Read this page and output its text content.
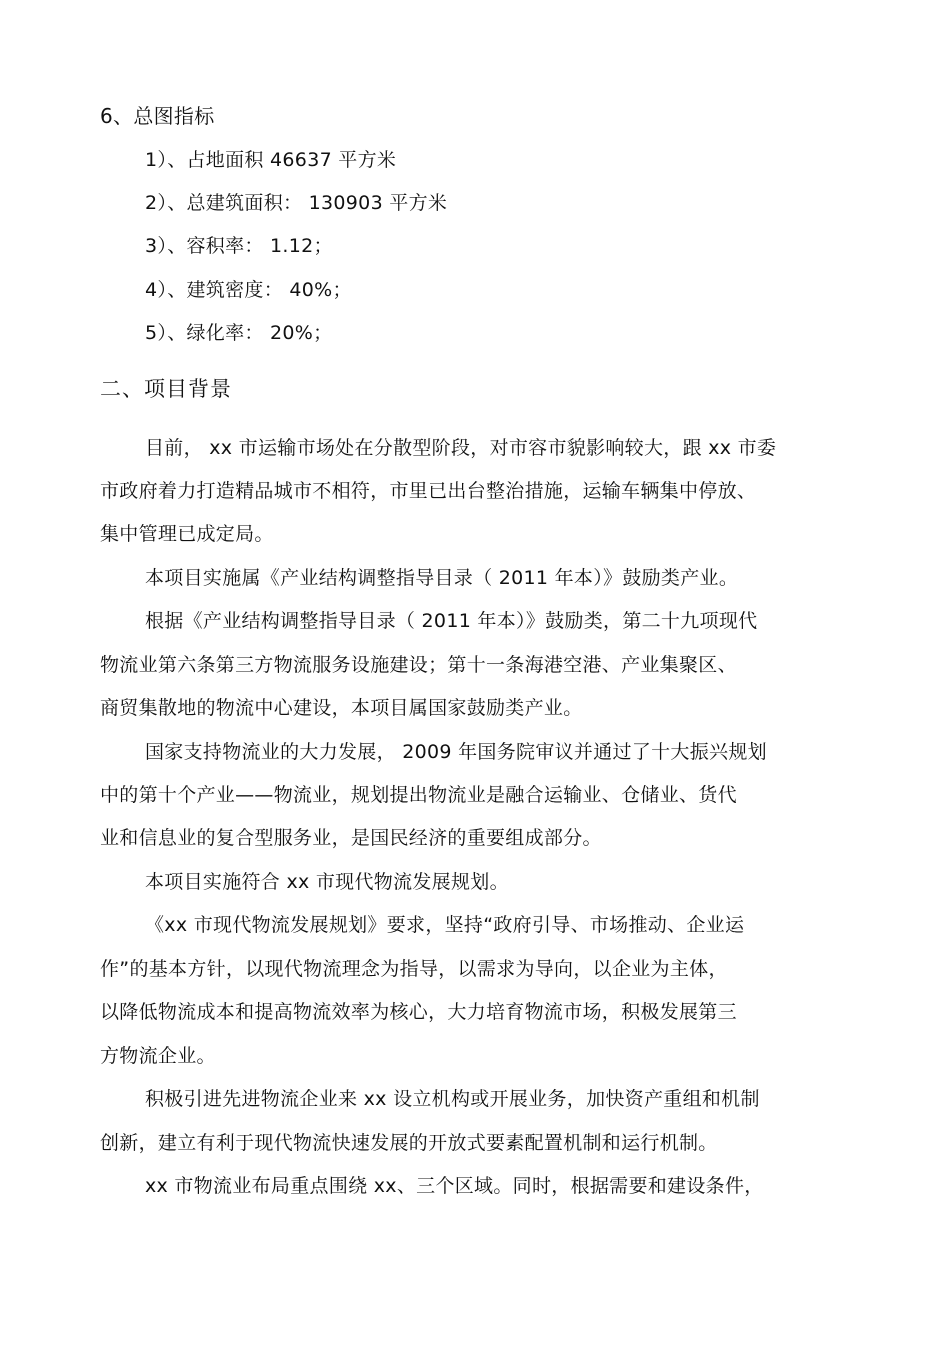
6、总图指标
1）、占地面积 46637 平方米
2）、总建筑面积： 130903 平方米
3）、容积率： 1.12；
4）、建筑密度： 40%；
5）、绿化率： 20%；
二、项目背景
目前， xx 市运输市场处在分散型阶段，对市容市貌影响较大，跟 xx 市委
市政府着力打造精品城市不相符，市里已出台整治措施，运输车辆集中停放、
集中管理已成定局。
本项目实施属《产业结构调整指导目录（ 2011 年本）》鼓励类产业。
根据《产业结构调整指导目录（ 2011 年本）》鼓励类，第二十九项现代
物流业第六条第三方物流服务设施建设；第十一条海港空港、产业集聚区、
商贸集散地的物流中心建设，本项目属国家鼓励类产业。
国家支持物流业的大力发展， 2009 年国务院审议并通过了十大振兴规划
中的第十个产业——物流业，规划提出物流业是融合运输业、仓储业、货代
业和信息业的复合型服务业，是国民经济的重要组成部分。
本项目实施符合 xx 市现代物流发展规划。
《xx 市现代物流发展规划》要求，坚持“政府引导、市场推动、企业运
作”的基本方针，以现代物流理念为指导，以需求为导向，以企业为主体，
以降低物流成本和提高物流效率为核心，大力培育物流市场，积极发展第三
方物流企业。
积极引进先进物流企业来 xx 设立机构或开展业务，加快资产重组和机制
创新，建立有利于现代物流快速发展的开放式要素配置机制和运行机制。
xx 市物流业布局重点围绕 xx、三个区域。同时，根据需要和建设条件，
